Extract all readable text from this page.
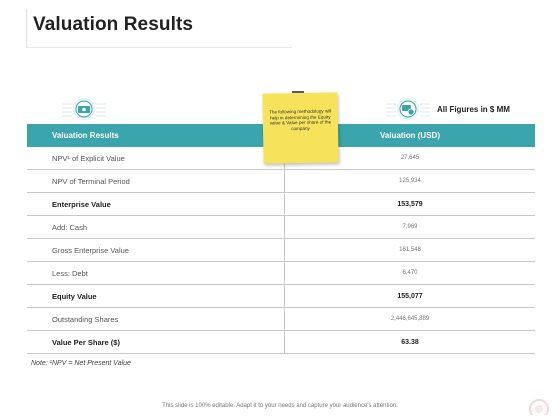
Valuation Results
All Figures in $ MM
Valuation Results	Valuation (USD)
NPV¹ of Explicit Value	27,645
NPV of Terminal Period	125,934
Enterprise Value	153,579
Add: Cash	7,969
Gross Enterprise Value	161,548
Less: Debt	6,470
Equity Value	155,077
Outstanding Shares	2,446,645,889
Value Per Share ($)	63.38
The following methodology will help in determining the Equity value & Value per share of the company
Note: ¹NPV = Net Present Value
This slide is 100% editable. Adapt it to your needs and capture your audience's attention.
